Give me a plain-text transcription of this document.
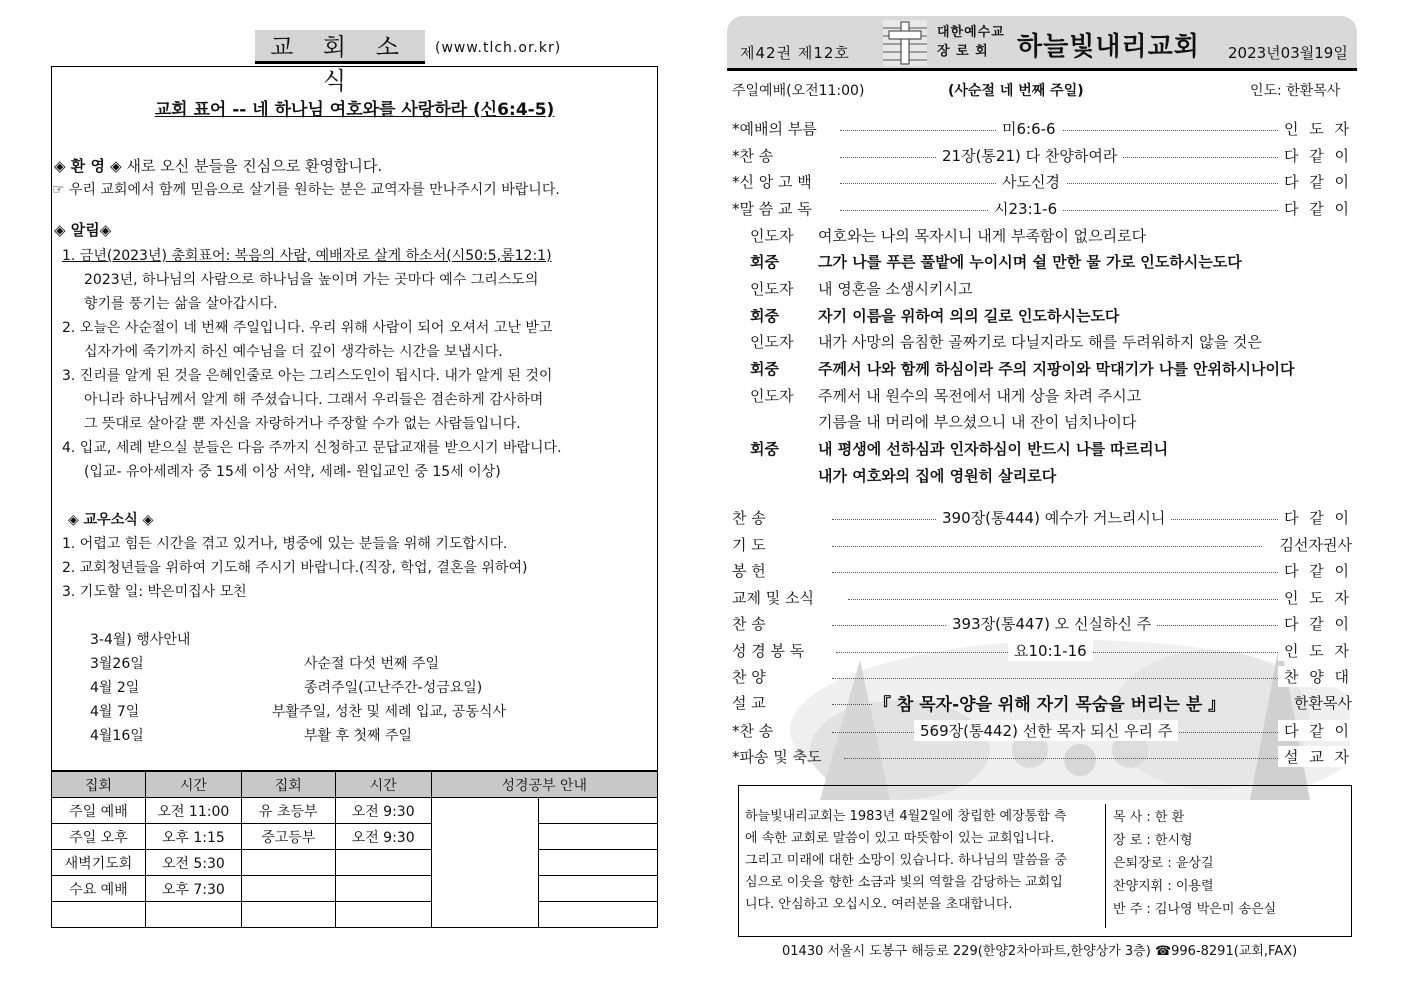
교 회 소 식
(www.tlch.or.kr)
교회 표어 -- 네 하나님 여호와를 사랑하라 (신6:4-5)
◈ 환 영 ◈ 새로 오신 분들을 진심으로 환영합니다.
☞ 우리 교회에서 함께 믿음으로 살기를 원하는 분은 교역자를 만나주시기 바랍니다.
◈ 알림◈
1. 금년(2023년) 총회표어: 복음의 사람, 예배자로 살게 하소서(시50:5,롬12:1)
2023년, 하나님의 사람으로 하나님을 높이며 가는 곳마다 예수 그리스도의
향기를 풍기는 삶을 살아갑시다.
2. 오늘은 사순절이 네 번째 주일입니다. 우리 위해 사람이 되어 오셔서 고난 받고
십자가에 죽기까지 하신 예수님을 더 깊이 생각하는 시간을 보냅시다.
3. 진리를 알게 된 것을 은혜인줄로 아는 그리스도인이 됩시다. 내가 알게 된 것이
아니라 하나님께서 알게 해 주셨습니다. 그래서 우리들은 겸손하게 감사하며
그 뜻대로 살아갈 뿐 자신을 자랑하거나 주장할 수가 없는 사람들입니다.
4. 입교, 세례 받으실 분들은 다음 주까지 신청하고 문답교재를 받으시기 바랍니다.
(입교- 유아세례자 중 15세 이상 서약, 세례- 원입교인 중 15세 이상)
◈ 교우소식 ◈
1. 어렵고 힘든 시간을 겪고 있거나, 병중에 있는 분들을 위해 기도합시다.
2. 교회청년들을 위하여 기도해 주시기 바랍니다.(직장, 학업, 결혼을 위하여)
3. 기도할 일: 박은미집사 모친
3-4월) 행사안내
3월26일	사순절 다섯 번째 주일
4월 2일	종려주일(고난주간-성금요일)
4월 7일	부활주일, 성찬 및 세례 입교, 공동식사
4월16일	부활 후 첫째 주일
집회	시간	집회	시간	성경공부 안내	
주일 예배	오전 11:00	유 초등부	오전 9:30		
주일 오후	오후 1:15	중고등부	오전 9:30		
새벽기도회	오전 5:30				
수요 예배	오후 7:30				

제42권 제12호
대한예수교
장 로 회	하늘빛내리교회 2023년03월19일
주일예배(오전11:00)	(사순절 네 번째 주일)	인도: 한환목사
*예배의 부름	미6:6-6	인 도 자
*찬 송	21장(통21) 다 찬양하여라	다 같 이
*신 앙 고 백	사도신경	다 같 이
*말 씀 교 독	시23:1-6	다 같 이
인도자 여호와는 나의 목자시니 내게 부족함이 없으리로다
회중	그가 나를 푸른 풀밭에 누이시며 쉴 만한 물 가로 인도하시는도다
인도자 내 영혼을 소생시키시고
회중	자기 이름을 위하여 의의 길로 인도하시는도다
인도자 내가 사망의 음침한 골짜기로 다닐지라도 해를 두려워하지 않을 것은
회중	주께서 나와 함께 하심이라 주의 지팡이와 막대기가 나를 안위하시나이다
인도자 주께서 내 원수의 목전에서 내게 상을 차려 주시고
기름을 내 머리에 부으셨으니 내 잔이 넘치나이다
회중	내 평생에 선하심과 인자하심이 반드시 나를 따르리니
내가 여호와의 집에 영원히 살리로다
찬 송	390장(통444) 예수가 거느리시니	다 같 이
기 도	김선자권사
봉 헌	다 같 이
교제 및 소식	인 도 자
찬 송	393장(통447) 오 신실하신 주	다 같 이
성 경 봉 독	요10:1-16	인 도 자
찬 양	찬 양 대
설 교	『 참 목자-양을 위해 자기 목숨을 버리는 분 』	한환목사
*찬 송	569장(통442) 선한 목자 되신 우리 주	다 같 이
*파송 및 축도	설 교 자
하늘빛내리교회는 1983년 4월2일에 창립한 예장통합 측
에 속한 교회로 말씀이 있고 따뜻함이 있는 교회입니다.
그리고 미래에 대한 소망이 있습니다. 하나님의 말씀을 중
심으로 이웃을 향한 소금과 빛의 역할을 감당하는 교회입
니다. 안심하고 오십시오. 여러분을 초대합니다.
목 사 : 한 환
장 로 : 한시형
은퇴장로 : 윤상길
찬양지휘 : 이용렬
반 주 : 김나영 박은미 송은실
01430 서울시 도봉구 해등로 229(한양2차아파트,한양상가 3층) ☎996-8291(교회,FAX)
